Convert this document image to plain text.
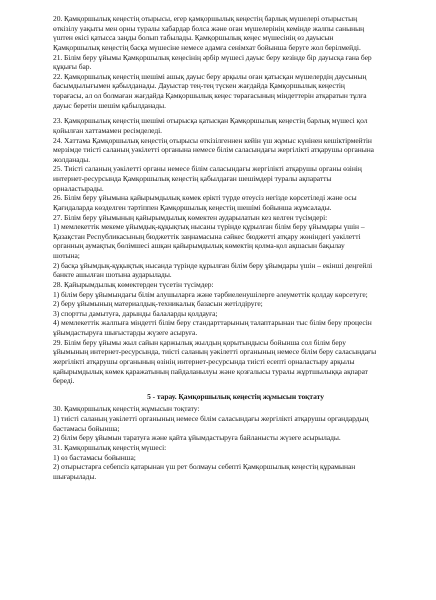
20. Қамқоршылық кеңестің отырысы, егер қамқоршылық кеңестің барлық мүшелері отырыстың

өткізілу уақыты мен орны туралы хабардар болса және оған мүшелерінің кемінде жалпы санының

үштен екісі қатысса заңды болып табылады. Қамқоршылық кеңес мүшесінің өз дауысын

Қамқоршылық кеңестің басқа мүшесіне немесе адамға сенімхат бойынша беруге жол берілмейді.

21. Білім беру ұйымы Қамқоршылық кеңесінің әрбір мүшесі дауыс беру кезінде бір дауысқа ғана бер

құқығы бар.

22. Қамқоршылық кеңестің шешімі ашық дауыс беру арқылы оған қатысқан мүшелердің даусының

басымдылығымен қабылданады. Дауыстар тең-тең түскен жағдайда Қамқоршылық кеңестің

төрағасы, ал ол болмаған жағдайда Қамқоршылық кеңес төрағасының міндеттерін атқаратын тұлға

дауыс беретін шешім қабылданады.

23. Қамқоршылық кеңестің шешімі отырысқа қатысқан Қамқоршылық кеңестің барлық мүшесі қол

қойылған хаттамамен ресімделеді.

24. Хаттама Қамқоршылық кеңестің отырысы өткізілгеннен кейін үш жұмыс күнінен кешіктірмейтін

мерзімде тиісті саланың уәкілетті органына немесе білім саласындағы жергілікті атқарушы органына

жолданады.

25. Тиісті саланың уәкілетті органы немесе білім саласындағы жергілікті атқарушы органы өзінің

интернет-ресурсында Қамқоршылық кеңестің қабылдаған шешімдері туралы ақпаратты

орналастырады.

26. Білім беру ұйымына қайырымдылық көмек ерікті түрде өтеусіз негізде көрсетіледі және осы

Қағидаларда көзделген тәртіппен Қамқоршылық кеңестің шешімі бойынша жұмсалады.

27. Білім беру ұйымының қайырымдылық көмектен аударылатын кез келген түсімдері:

1) мемлекеттік мекеме ұйымдық-құқықтық нысаны түрінде құрылған білім беру ұйымдары үшін –

Қазақстан Республикасының бюджеттік заңнамасына сәйкес бюджетті атқару жөніндегі уәкілетті

органның аумақтық бөлімшесі ашқан қайырымдылық көмектің қолма-қол ақшасын бақылау

шотына;

2) басқа ұйымдық-құқықтық нысанда түрінде құрылған білім беру ұйымдары үшін – екінші деңгейлі

банкте ашылған шотына аударылады.

28. Қайырымдылық көмектерден түсетін түсімдер:

1) білім беру ұйымындағы білім алушыларға және тәрбиеленушілерге әлеуметтік қолдау көрсетуге;

2) беру ұйымының материалдық-техникалық базасын жетілдіруге;

3) спортты дамытуға, дарынды балаларды қолдауға;

4) мемлекеттік жалпыға міндетті білім беру стандарттарының талаптарынан тыс білім беру процесін

ұйымдастыруға шығыстарды жүзеге асыруға.

29. Білім беру ұйымы жыл сайын қаржылық жылдың қорытындысы бойынша сол білім беру

ұйымының интернет-ресурсында, тиісті саланың уәкілетті органының немесе білім беру саласындағы

жергілікті атқарушы органының өзінің интернет-ресурсында тиісті есепті орналастыру арқылы

қайырымдылық көмек қаражатының пайдаланылуы және қозғалысы туралы жұртшылыққа ақпарат

береді.

5 - тарау. Қамқоршылық кеңестің жұмысын тоқтату

30. Қамқоршылық кеңестің жұмысын тоқтату:

1) тиісті саланың уәкілетті органының немесе білім саласындағы жергілікті атқарушы органдардың

бастамасы бойынша;

2) білім беру ұйымын таратуға және қайта ұйымдастыруға байланысты жүзеге асырылады.

31. Қамқоршылық кеңестің мүшесі:

1) өз бастамасы бойынша;

2) отырыстарға себепсіз қатарынан үш рет болмауы себепті Қамқоршылық кеңестің құрамынан

шығарылады.
